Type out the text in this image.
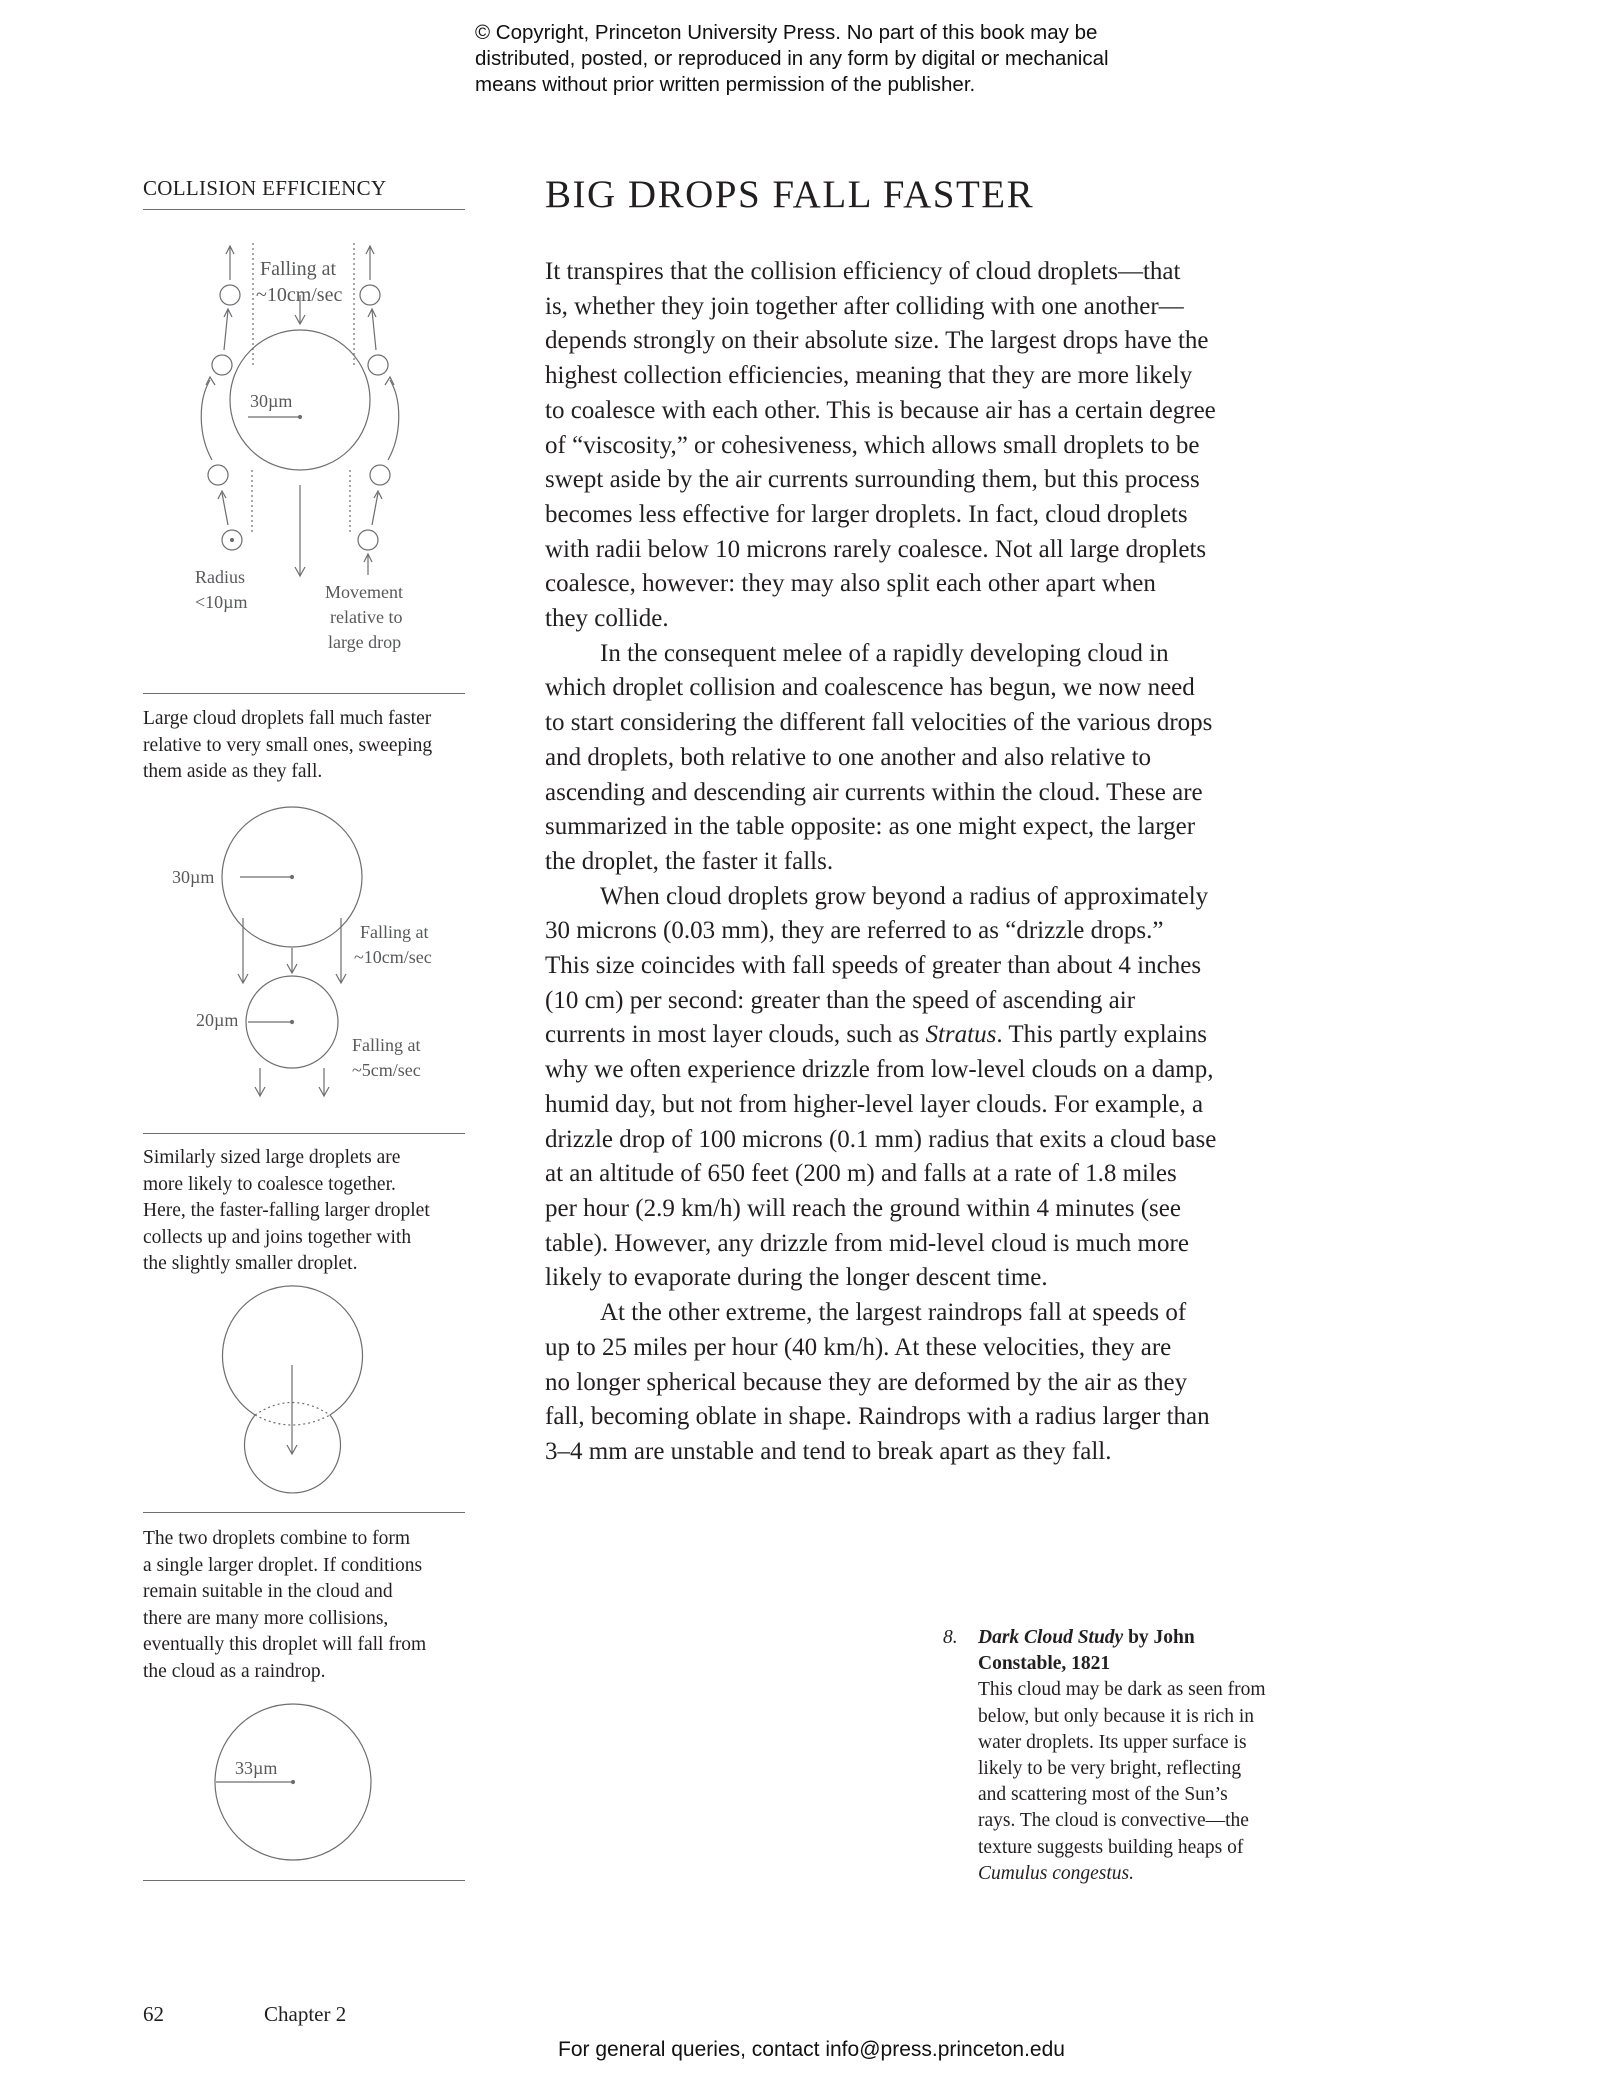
© Copyright, Princeton University Press. No part of this book may be
distributed, posted, or reproduced in any form by digital or mechanical
means without prior written permission of the publisher.
COLLISION EFFICIENCY
Falling at
~10cm/sec
30µm
Radius
<10µm	Movement
relative to
large drop
Large cloud droplets fall much faster
relative to very small ones, sweeping
them aside as they fall.
30µm
Falling at
~10cm/sec
20µm
Falling at
~5cm/sec
Similarly sized large droplets are
more likely to coalesce together.
Here, the faster-falling larger droplet
collects up and joins together with
the slightly smaller droplet.
The two droplets combine to form
a single larger droplet. If conditions
remain suitable in the cloud and
there are many more collisions,
eventually this droplet will fall from
the cloud as a raindrop.
33µm
BIG DROPS FALL FASTER
It transpires that the collision efficiency of cloud droplets—that
is, whether they join together after colliding with one another—
depends strongly on their absolute size. The largest drops have the
highest collection efficiencies, meaning that they are more likely
to coalesce with each other. This is because air has a certain degree
of “viscosity,” or cohesiveness, which allows small droplets to be
swept aside by the air currents surrounding them, but this process
becomes less effective for larger droplets. In fact, cloud droplets
with radii below 10 microns rarely coalesce. Not all large droplets
coalesce, however: they may also split each other apart when
they collide.
In the consequent melee of a rapidly developing cloud in
which droplet collision and coalescence has begun, we now need
to start considering the different fall velocities of the various drops
and droplets, both relative to one another and also relative to
ascending and descending air currents within the cloud. These are
summarized in the table opposite: as one might expect, the larger
the droplet, the faster it falls.
When cloud droplets grow beyond a radius of approximately
30 microns (0.03 mm), they are referred to as “drizzle drops.”
This size coincides with fall speeds of greater than about 4 inches
(10 cm) per second: greater than the speed of ascending air
currents in most layer clouds, such as Stratus. This partly explains
why we often experience drizzle from low-level clouds on a damp,
humid day, but not from higher-level layer clouds. For example, a
drizzle drop of 100 microns (0.1 mm) radius that exits a cloud base
at an altitude of 650 feet (200 m) and falls at a rate of 1.8 miles
per hour (2.9 km/h) will reach the ground within 4 minutes (see
table). However, any drizzle from mid-level cloud is much more
likely to evaporate during the longer descent time.
At the other extreme, the largest raindrops fall at speeds of
up to 25 miles per hour (40 km/h). At these velocities, they are
no longer spherical because they are deformed by the air as they
fall, becoming oblate in shape. Raindrops with a radius larger than
3–4 mm are unstable and tend to break apart as they fall.
8. Dark Cloud Study by John
Constable, 1821
This cloud may be dark as seen from
below, but only because it is rich in
water droplets. Its upper surface is
likely to be very bright, reflecting
and scattering most of the Sun’s
rays. The cloud is convective—the
texture suggests building heaps of
Cumulus congestus.
62	Chapter 2
For general queries, contact info@press.princeton.edu
